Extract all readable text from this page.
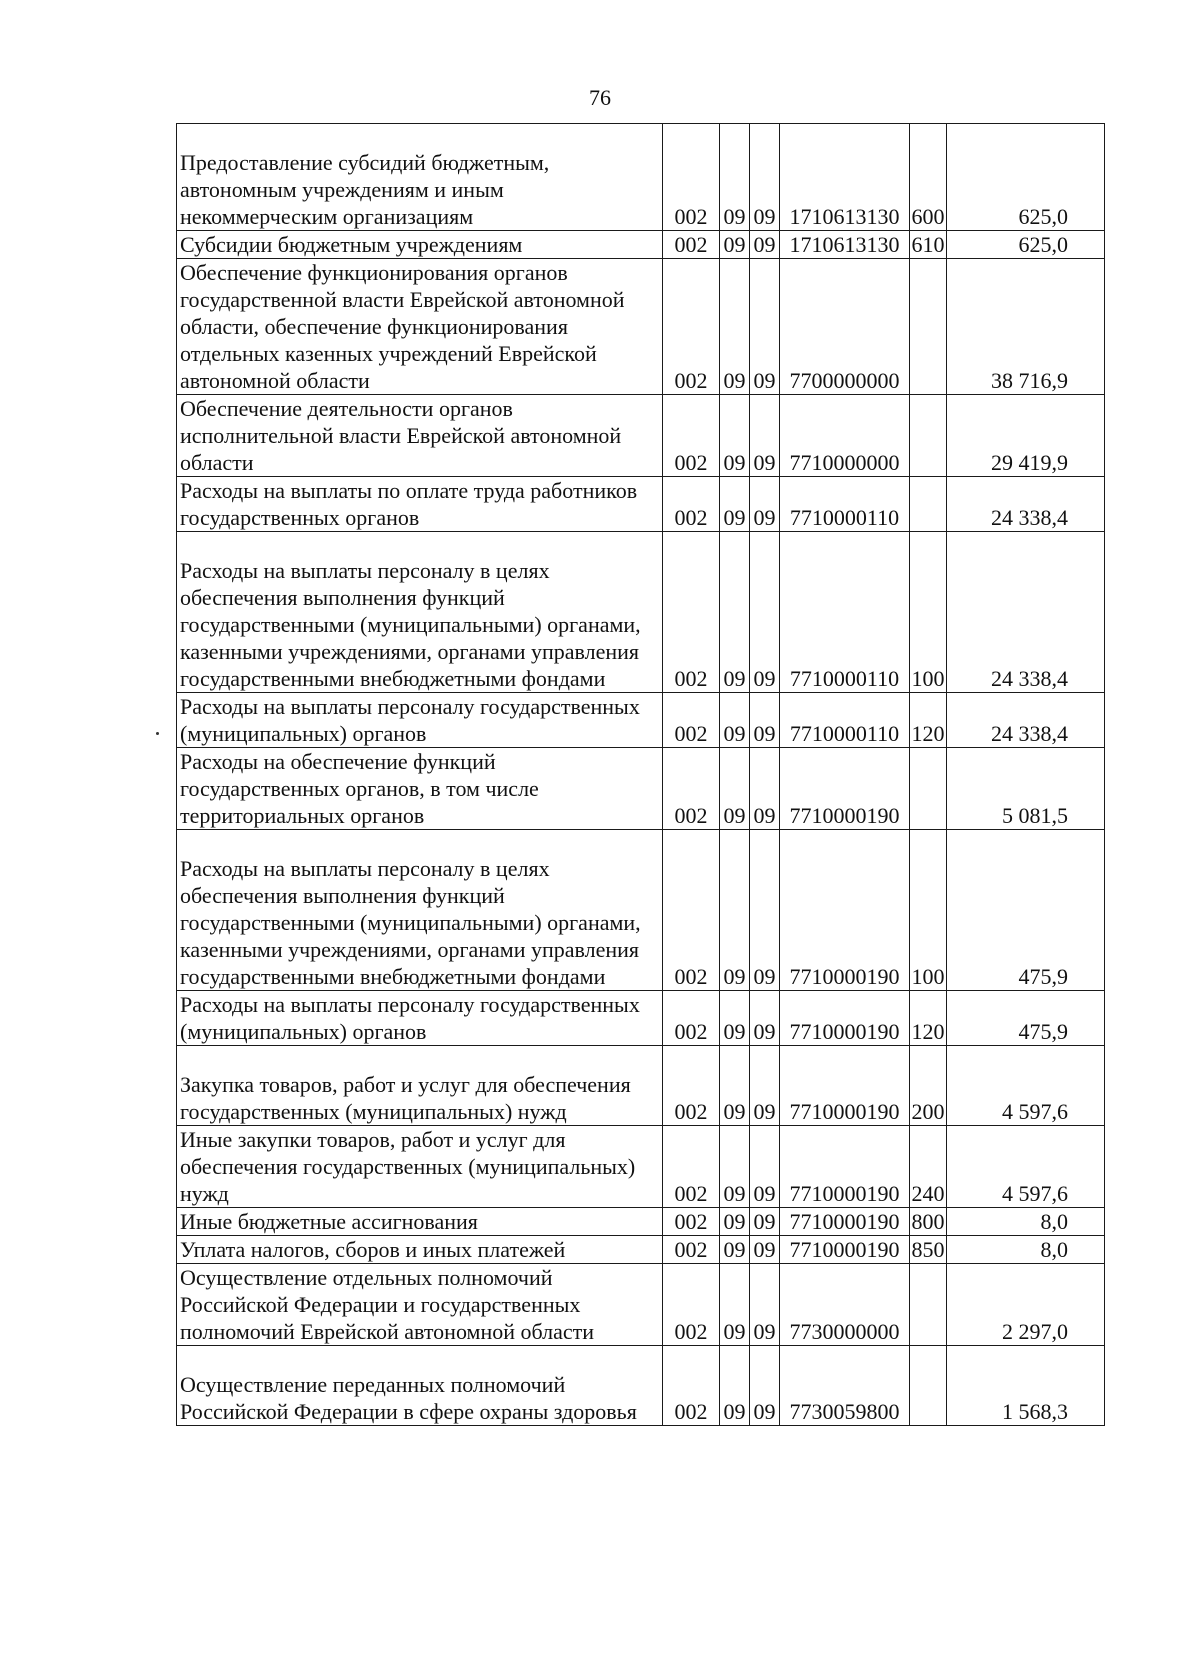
76
Предоставление субсидий бюджетным, автономным учреждениям и иным некоммерческим организациям	002	09	09	1710613130	600	625,0
Субсидии бюджетным учреждениям	002	09	09	1710613130	610	625,0
Обеспечение функционирования органов государственной власти Еврейской автономной области, обеспечение функционирования отдельных казенных учреждений Еврейской автономной области	002	09	09	7700000000		38 716,9
Обеспечение деятельности органов исполнительной власти Еврейской автономной области	002	09	09	7710000000		29 419,9
Расходы на выплаты по оплате труда работников государственных органов	002	09	09	7710000110		24 338,4
Расходы на выплаты персоналу в целях обеспечения выполнения функций государственными (муниципальными) органами, казенными учреждениями, органами управления государственными внебюджетными фондами	002	09	09	7710000110	100	24 338,4
Расходы на выплаты персоналу государственных (муниципальных) органов	002	09	09	7710000110	120	24 338,4
Расходы на обеспечение функций государственных органов, в том числе территориальных органов	002	09	09	7710000190		5 081,5
Расходы на выплаты персоналу в целях обеспечения выполнения функций государственными (муниципальными) органами, казенными учреждениями, органами управления государственными внебюджетными фондами	002	09	09	7710000190	100	475,9
Расходы на выплаты персоналу государственных (муниципальных) органов	002	09	09	7710000190	120	475,9
Закупка товаров, работ и услуг для обеспечения государственных (муниципальных) нужд	002	09	09	7710000190	200	4 597,6
Иные закупки товаров, работ и услуг для обеспечения государственных (муниципальных) нужд	002	09	09	7710000190	240	4 597,6
Иные бюджетные ассигнования	002	09	09	7710000190	800	8,0
Уплата налогов, сборов и иных платежей	002	09	09	7710000190	850	8,0
Осуществление отдельных полномочий Российской Федерации и государственных полномочий Еврейской автономной области	002	09	09	7730000000		2 297,0
Осуществление переданных полномочий Российской Федерации в сфере охраны здоровья	002	09	09	7730059800		1 568,3
